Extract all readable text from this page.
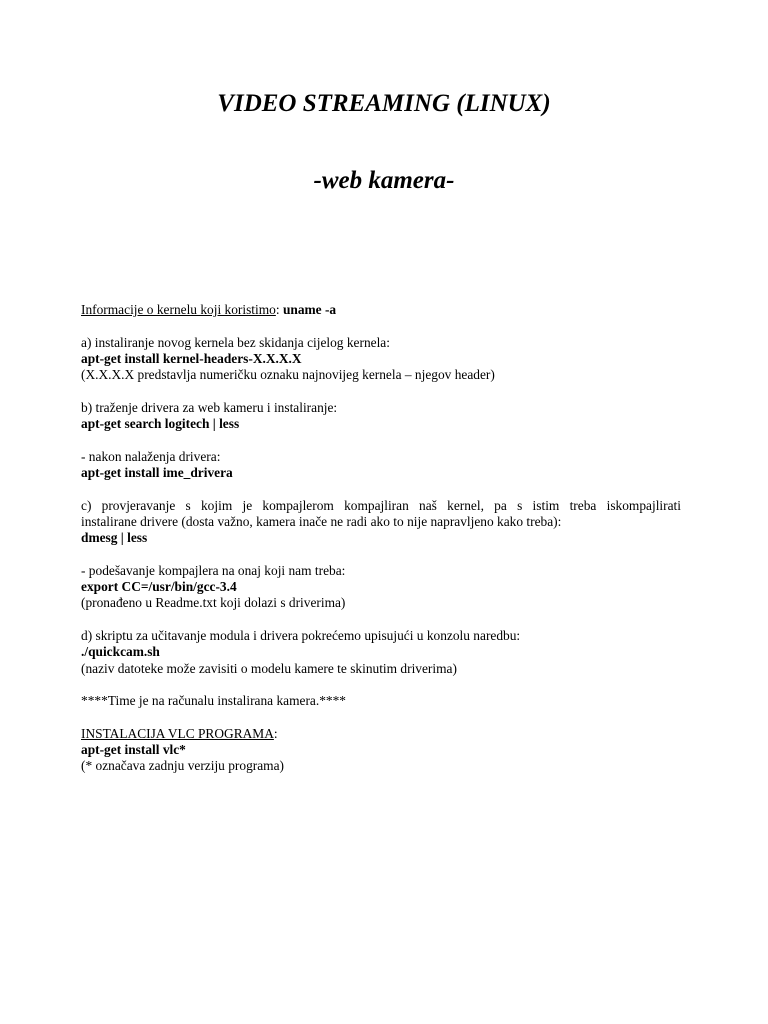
VIDEO STREAMING (LINUX)
-web kamera-

Informacije o kernelu koji koristimo: uname -a

a) instaliranje novog kernela bez skidanja cijelog kernela:

apt-get install kernel-headers-X.X.X.X

(X.X.X.X predstavlja numeričku oznaku najnovijeg kernela – njegov header)

b) traženje drivera za web kameru i instaliranje:

apt-get search logitech | less

- nakon nalaženja drivera:

apt-get install ime_drivera

c) provjeravanje s kojim je kompajlerom kompajliran naš kernel, pa s istim treba iskompajlirati

instalirane drivere (dosta važno, kamera inače ne radi ako to nije napravljeno kako treba):

dmesg | less

- podešavanje kompajlera na onaj koji nam treba:

export CC=/usr/bin/gcc-3.4

(pronađeno u Readme.txt koji dolazi s driverima)

d) skriptu za učitavanje modula i drivera pokrećemo upisujući u konzolu naredbu:

./quickcam.sh

(naziv datoteke može zavisiti o modelu kamere te skinutim driverima)

****Time je na računalu instalirana kamera.****

INSTALACIJA VLC PROGRAMA:

apt-get install vlc*

(* označava zadnju verziju programa)
